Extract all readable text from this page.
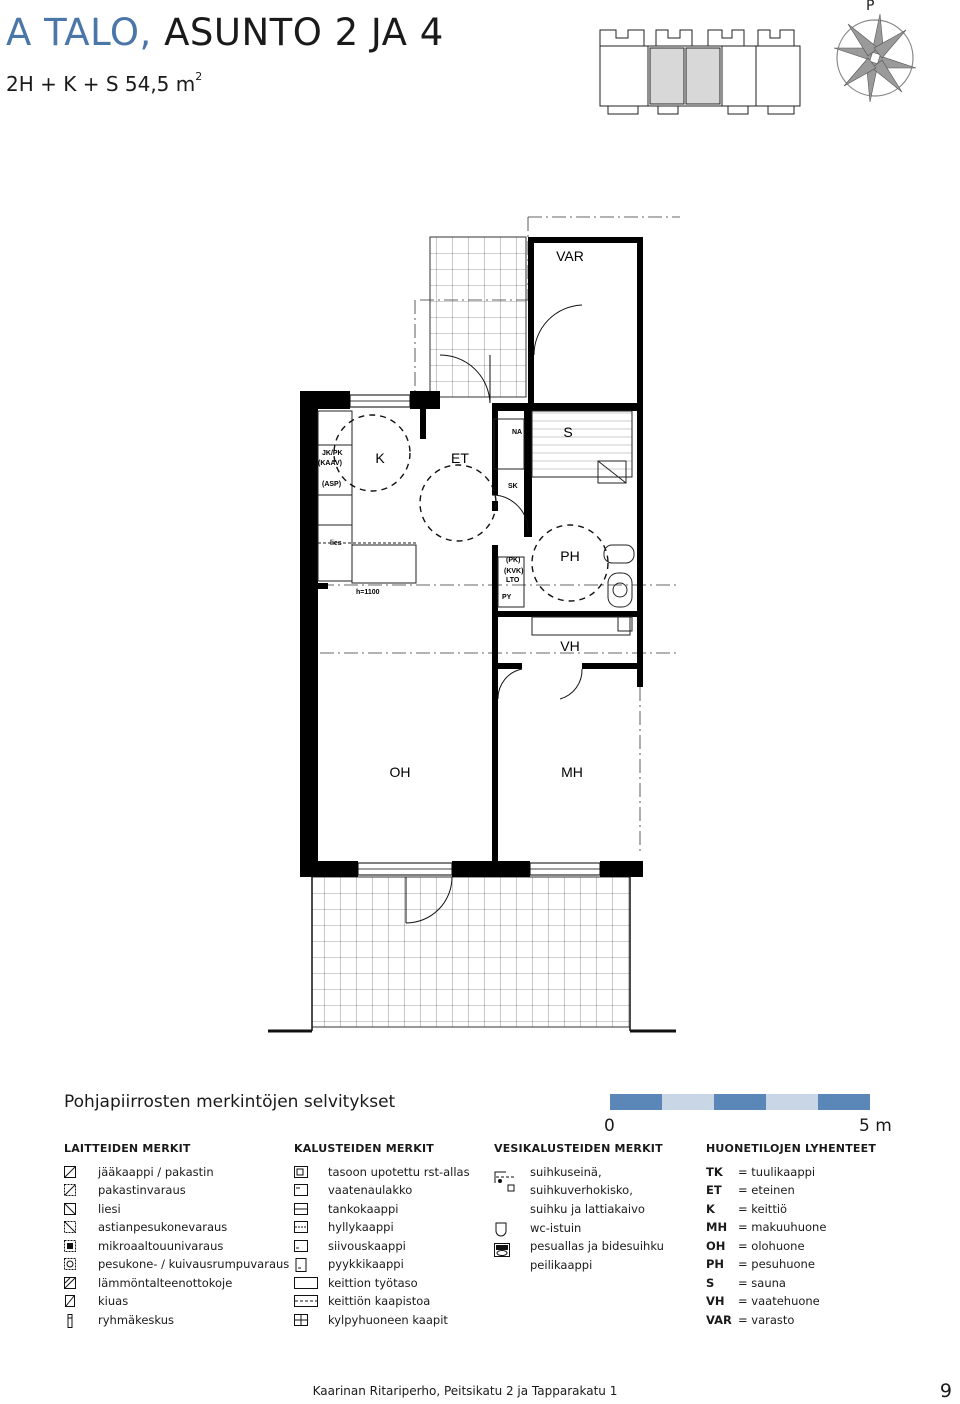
A TALO, ASUNTO 2 JA 4
2H + K + S 54,5 $m^2$
P
VAR
K	ET
S
PH
VH
OH	MH
JK/PK
(KAAV)
(ASP)
lies
h=1100
NA
SK
(PK)
(KVK)
LTO
PY
Pohjapiirrosten merkintöjen selvitykset
0	5 m
LAITTEIDEN MERKIT
jääkaappi / pakastin
pakastinvaraus
liesi
astianpesukonevaraus
mikroaaltouunivaraus
pesukone- / kuivausrumpuvaraus
lämmöntalteenottokoje
kiuas
ryhmäkeskus
KALUSTEIDEN MERKIT
tasoon upotettu rst-allas
vaatenaulakko
tankokaappi
hyllykaappi
siivouskaappi
pyykkikaappi
keittion työtaso
keittiön kaapistoa
kylpyhuoneen kaapit
VESIKALUSTEIDEN MERKIT
suihkuseinä,
suihkuverhokisko,
suihku ja lattiakaivo
wc-istuin
pesuallas ja bidesuihku
peilikaappi
HUONETILOJEN LYHENTEET
TK	= tuulikaappi
ET	= eteinen
K	= keittiö
MH = makuuhuone
OH	= olohuone
PH	= pesuhuone
S	= sauna
VH	= vaatehuone
VAR = varasto
Kaarinan Ritariperho, Peitsikatu 2 ja Tapparakatu 1	9
